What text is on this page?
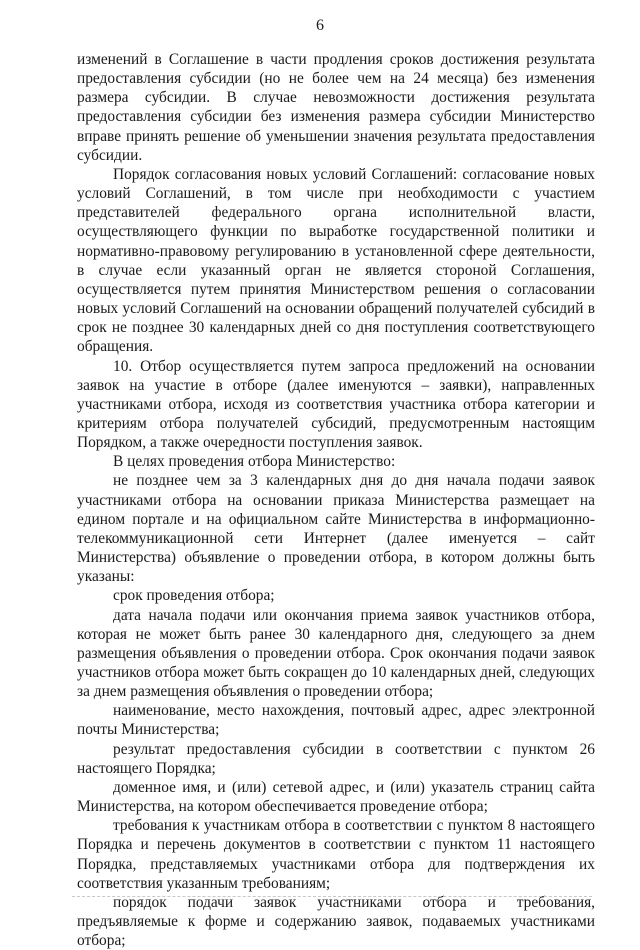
6

изменений в Соглашение в части продления сроков достижения результата предоставления субсидии (но не более чем на 24 месяца) без изменения размера субсидии. В случае невозможности достижения результата предоставления субсидии без изменения размера субсидии Министерство вправе принять решение об уменьшении значения результата предоставления субсидии.

Порядок согласования новых условий Соглашений: согласование новых условий Соглашений, в том числе при необходимости с участием представителей федерального органа исполнительной власти, осуществляющего функции по выработке государственной политики и нормативно-правовому регулированию в установленной сфере деятельности, в случае если указанный орган не является стороной Соглашения, осуществляется путем принятия Министерством решения о согласовании новых условий Соглашений на основании обращений получателей субсидий в срок не позднее 30 календарных дней со дня поступления соответствующего обращения.

10. Отбор осуществляется путем запроса предложений на основании заявок на участие в отборе (далее именуются – заявки), направленных участниками отбора, исходя из соответствия участника отбора категории и критериям отбора получателей субсидий, предусмотренным настоящим Порядком, а также очередности поступления заявок.

В целях проведения отбора Министерство:

не позднее чем за 3 календарных дня до дня начала подачи заявок участниками отбора на основании приказа Министерства размещает на едином портале и на официальном сайте Министерства в информационно-телекоммуникационной сети Интернет (далее именуется – сайт Министерства) объявление о проведении отбора, в котором должны быть указаны:

срок проведения отбора;

дата начала подачи или окончания приема заявок участников отбора, которая не может быть ранее 30 календарного дня, следующего за днем размещения объявления о проведении отбора. Срок окончания подачи заявок участников отбора может быть сокращен до 10 календарных дней, следующих за днем размещения объявления о проведении отбора;

наименование, место нахождения, почтовый адрес, адрес электронной почты Министерства;

результат предоставления субсидии в соответствии с пунктом 26 настоящего Порядка;

доменное имя, и (или) сетевой адрес, и (или) указатель страниц сайта Министерства, на котором обеспечивается проведение отбора;

требования к участникам отбора в соответствии с пунктом 8 настоящего Порядка и перечень документов в соответствии с пунктом 11 настоящего Порядка, представляемых участниками отбора для подтверждения их соответствия указанным требованиям;

порядок подачи заявок участниками отбора и требования, предъявляемые к форме и содержанию заявок, подаваемых участниками отбора;
